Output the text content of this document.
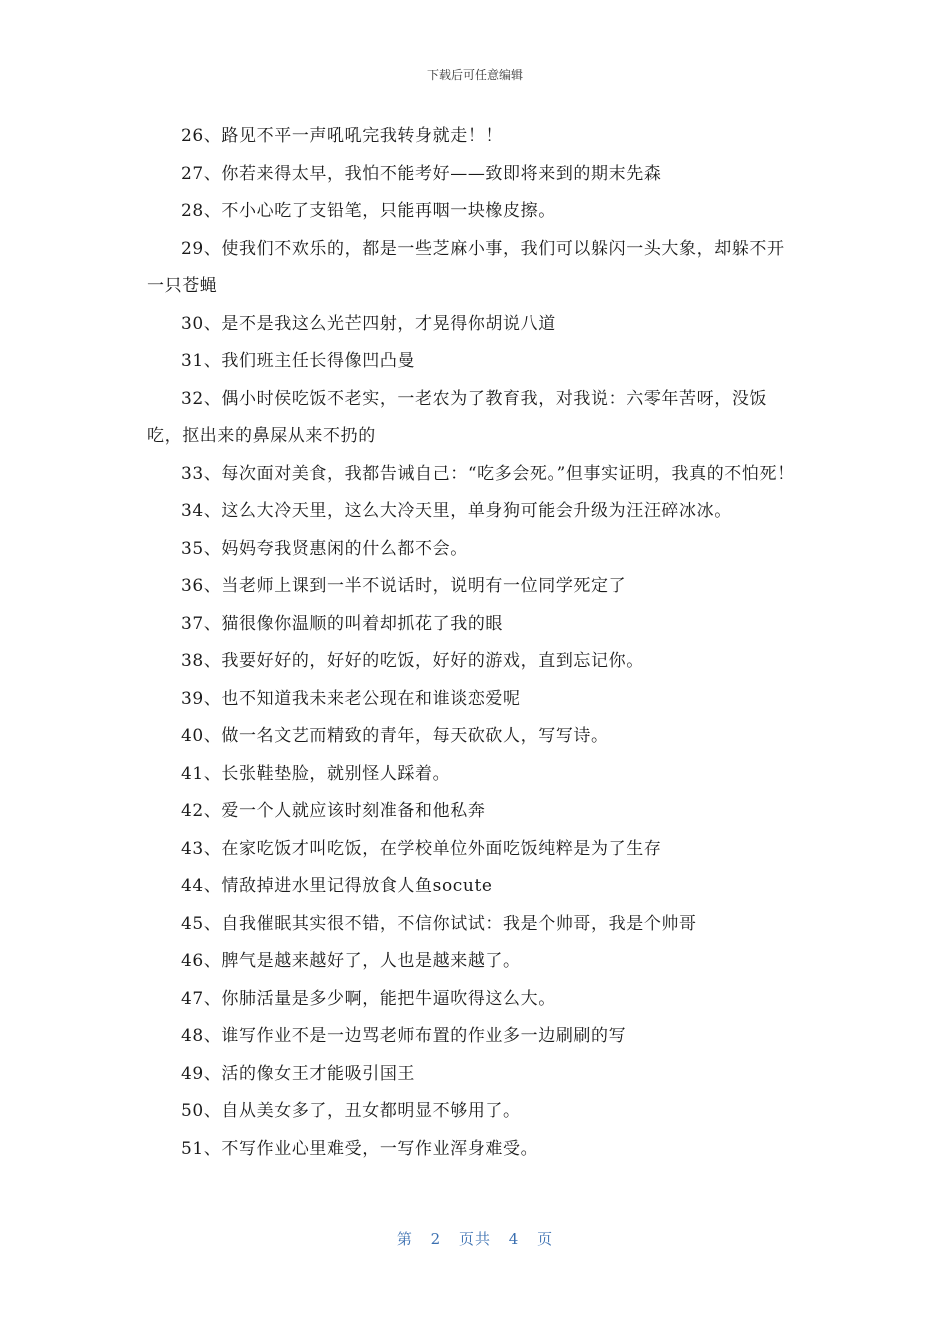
下载后可任意编辑

26、路见不平一声吼吼完我转身就走！！

27、你若来得太早，我怕不能考好——致即将来到的期末先森

28、不小心吃了支铅笔，只能再咽一块橡皮擦。

29、使我们不欢乐的，都是一些芝麻小事，我们可以躲闪一头大象，却躲不开一只苍蝇

30、是不是我这么光芒四射，才晃得你胡说八道

31、我们班主任长得像凹凸曼

32、偶小时侯吃饭不老实，一老农为了教育我，对我说：六零年苦呀，没饭吃，抠出来的鼻屎从来不扔的

33、每次面对美食，我都告诫自己：“吃多会死。”但事实证明，我真的不怕死！

34、这么大冷天里，这么大冷天里，单身狗可能会升级为汪汪碎冰冰。

35、妈妈夸我贤惠闲的什么都不会。

36、当老师上课到一半不说话时，说明有一位同学死定了

37、猫很像你温顺的叫着却抓花了我的眼

38、我要好好的，好好的吃饭，好好的游戏，直到忘记你。

39、也不知道我未来老公现在和谁谈恋爱呢

40、做一名文艺而精致的青年，每天砍砍人，写写诗。

41、长张鞋垫脸，就别怪人踩着。

42、爱一个人就应该时刻准备和他私奔

43、在家吃饭才叫吃饭，在学校单位外面吃饭纯粹是为了生存

44、情敌掉进水里记得放食人鱼socute

45、自我催眠其实很不错，不信你试试：我是个帅哥，我是个帅哥

46、脾气是越来越好了，人也是越来越了。

47、你肺活量是多少啊，能把牛逼吹得这么大。

48、谁写作业不是一边骂老师布置的作业多一边刷刷的写

49、活的像女王才能吸引国王

50、自从美女多了，丑女都明显不够用了。

51、不写作业心里难受，一写作业浑身难受。

第 2 页共 4 页
